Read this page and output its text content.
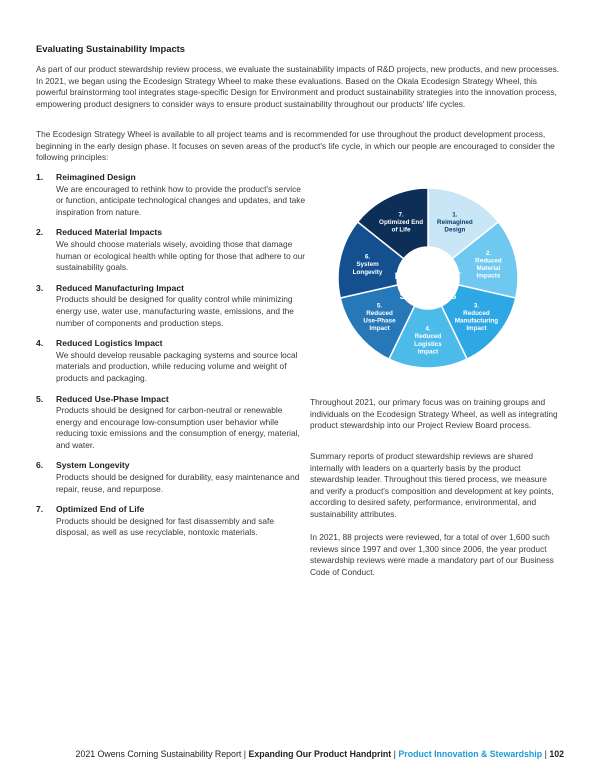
Evaluating Sustainability Impacts

As part of our product stewardship review process, we evaluate the sustainability impacts of R&D projects, new products, and new processes. In 2021, we began using the Ecodesign Strategy Wheel to make these evaluations. Based on the Okala Ecodesign Strategy Wheel, this powerful brainstorming tool integrates stage-specific Design for Environment and product sustainability strategies into the innovation process, empowering product designers to consider ways to ensure product sustainability throughout our products' life cycles.

The Ecodesign Strategy Wheel is available to all project teams and is recommended for use throughout the product development process, beginning in the early design phase. It focuses on seven areas of the product's life cycle, in which our people are encouraged to consider the following principles:

1. Reimagined Design
We are encouraged to rethink how to provide the product's service or function, anticipate technological changes and updates, and take inspiration from nature.
2. Reduced Material Impacts
We should choose materials wisely, avoiding those that damage human or ecological health while opting for those that adhere to our sustainability goals.
3. Reduced Manufacturing Impact
Products should be designed for quality control while minimizing energy use, water use, manufacturing waste, emissions, and the number of components and production steps.
4. Reduced Logistics Impact
We should develop reusable packaging systems and source local materials and production, while reducing volume and weight of products and packaging.
5. Reduced Use-Phase Impact
Products should be designed for carbon-neutral or renewable energy and encourage low-consumption user behavior while reducing toxic emissions and the consumption of energy, material, and water.
6. System Longevity
Products should be designed for durability, easy maintenance and repair, reuse, and repurpose.
7. Optimized End of Life
Products should be designed for fast disassembly and safe disposal, as well as use recyclable, nontoxic materials.
1.
Reimagined
Design
2.
Reduced
Material
Impacts
3.
Reduced
Manufacturing
Impact
4.
Reduced
Logistics
Impact
5.
Reduced
Use-Phase
Impact
6.
System
Longevity
7.
Optimized End
of Life
DESIGN FOR
ENVIRONMENT
INNOVATION
STRATEGIES

Throughout 2021, our primary focus was on training groups and individuals on the Ecodesign Strategy Wheel, as well as integrating product stewardship into our Project Review Board process.

Summary reports of product stewardship reviews are shared internally with leaders on a quarterly basis by the product stewardship leader. Throughout this tiered process, we measure and verify a product's composition and development at key points, according to desired safety, performance, environmental, and sustainability attributes.

In 2021, 88 projects were reviewed, for a total of over 1,600 such reviews since 1997 and over 1,300 since 2006, the year product stewardship reviews were made a mandatory part of our Business Code of Conduct.

2021 Owens Corning Sustainability Report | Expanding Our Product Handprint | Product Innovation & Stewardship | 102
